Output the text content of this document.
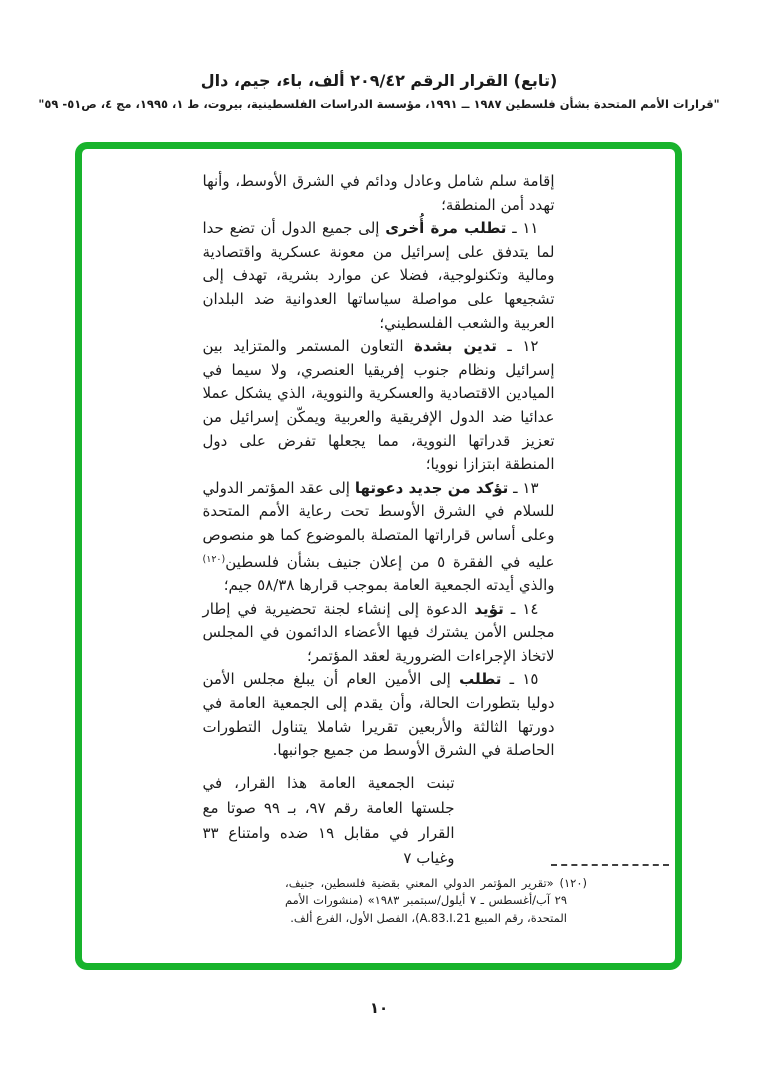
(تابع) القرار الرقم ٤٢‏/‏٢٠٩ ألف، باء، جيم، دال
"قرارات الأمم المتحدة بشأن فلسطين ١٩٨٧ ــ ١٩٩١، مؤسسة الدراسات الفلسطينية، بيروت، ط ١، ١٩٩٥، مج ٤، ص٥١- ٥٩"

إقامة سلم شامل وعادل ودائم في الشرق الأوسط، وأنها تهدد أمن المنطقة؛

١١ ـ تطلب مرة أُخرى إلى جميع الدول أن تضع حدا لما يتدفق على إسرائيل من معونة عسكرية واقتصادية ومالية وتكنولوجية، فضلا عن موارد بشرية، تهدف إلى تشجيعها على مواصلة سياساتها العدوانية ضد البلدان العربية والشعب الفلسطيني؛

١٢ ـ تدين بشدة التعاون المستمر والمتزايد بين إسرائيل ونظام جنوب إفريقيا العنصري، ولا سيما في الميادين الاقتصادية والعسكرية والنووية، الذي يشكل عملا عدائيا ضد الدول الإفريقية والعربية ويمكّن إسرائيل من تعزيز قدراتها النووية، مما يجعلها تفرض على دول المنطقة ابتزازا نوويا؛

١٣ ـ تؤكد من جديد دعوتها إلى عقد المؤتمر الدولي للسلام في الشرق الأوسط تحت رعاية الأمم المتحدة وعلى أساس قراراتها المتصلة بالموضوع كما هو منصوص عليه في الفقرة ٥ من إعلان جنيف بشأن فلسطين$^{(١٢٠)}$ والذي أيدته الجمعية العامة بموجب قرارها ٣٨‏/‏٥٨ جيم؛

١٤ ـ تؤيد الدعوة إلى إنشاء لجنة تحضيرية في إطار مجلس الأمن يشترك فيها الأعضاء الدائمون في المجلس لاتخاذ الإجراءات الضرورية لعقد المؤتمر؛

١٥ ـ تطلب إلى الأمين العام أن يبلغ مجلس الأمن دوليا بتطورات الحالة، وأن يقدم إلى الجمعية العامة في دورتها الثالثة والأربعين تقريرا شاملا يتناول التطورات الحاصلة في الشرق الأوسط من جميع جوانبها.

تبنت الجمعية العامة هذا القرار، في جلستها العامة رقم ٩٧، بـ ٩٩ صوتا مع القرار في مقابل ١٩ ضده وامتناع ٣٣ وغياب ٧

(١٢٠) «تقرير المؤتمر الدولي المعني بقضية فلسطين، جنيف، ٢٩ آب/أغسطس ـ ٧ أيلول/سبتمبر ١٩٨٣» (منشورات الأمم المتحدة، رقم المبيع A.83.I.21)، الفصل الأول، الفرع ألف.

١٠
